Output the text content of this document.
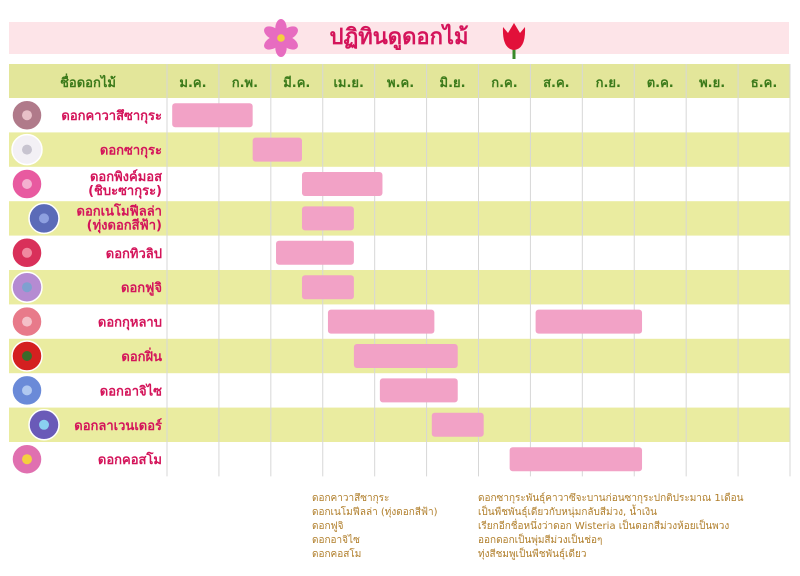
ปฏิทินดูดอกไม้
ชื่อดอกไม้	ม.ค. ก.พ. มี.ค. เม.ย. พ.ค. มิ.ย. ก.ค. ส.ค. ก.ย. ต.ค. พ.ย. ธ.ค.
ดอกคาวาสึซากุระ
ดอกซากุระ
ดอกพิงค์มอส(ชิบะซากุระ)
ดอกเนโมฟีลล่า(ทุ่งดอกสีฟ้า)
ดอกทิวลิป
ดอกฟูจิ
ดอกกุหลาบ
ดอกฝิ่น
ดอกอาจิไซ
ดอกลาเวนเดอร์
ดอกคอสโม
ดอกคาวาสึซากุระ
ดอกเนโมฟีลล่า (ทุ่งดอกสีฟ้า)
ดอกฟูจิ
ดอกอาจิไซ
ดอกคอสโม
ดอกซากุระพันธุ์คาวาซึจะบานก่อนซากุระปกติประมาณ 1เดือน
เป็นพืชพันธุ์เดียวกับหนุ่มกลับสีม่วง, น้ำเงิน
เรียกอีกชื่อหนึ่งว่าดอก Wisteria เป็นดอกสีม่วงห้อยเป็นพวง
ออกดอกเป็นพุ่มสีม่วงเป็นช่อๆ
ทุ่งสีชมพูเป็นพืชพันธุ์เดียว
